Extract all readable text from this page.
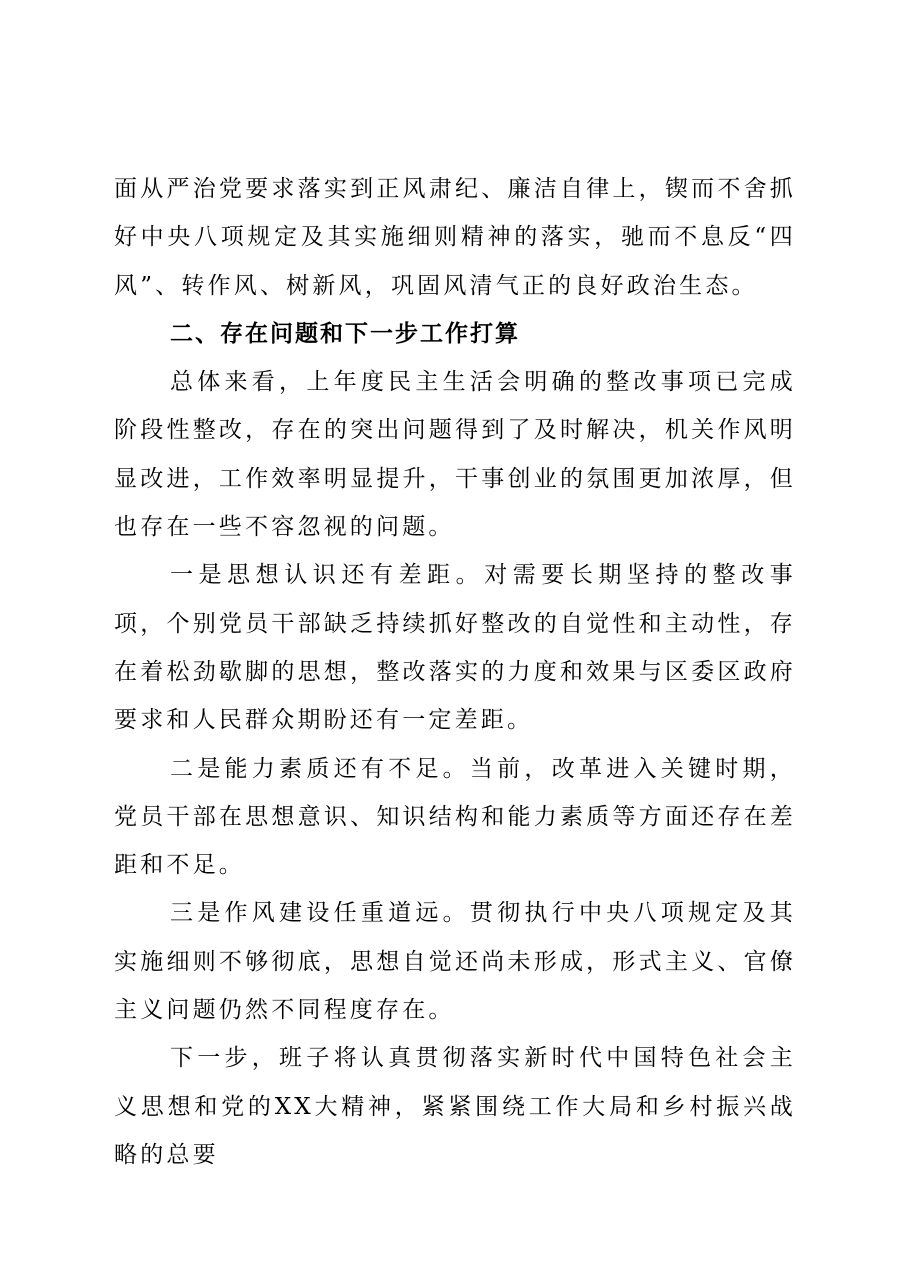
面从严治党要求落实到正风肃纪、廉洁自律上，锲而不舍抓好中央八项规定及其实施细则精神的落实，驰而不息反“四风”、转作风、树新风，巩固风清气正的良好政治生态。

二、存在问题和下一步工作打算

总体来看，上年度民主生活会明确的整改事项已完成阶段性整改，存在的突出问题得到了及时解决，机关作风明显改进，工作效率明显提升，干事创业的氛围更加浓厚，但也存在一些不容忽视的问题。

一是思想认识还有差距。对需要长期坚持的整改事项，个别党员干部缺乏持续抓好整改的自觉性和主动性，存在着松劲歇脚的思想，整改落实的力度和效果与区委区政府要求和人民群众期盼还有一定差距。

二是能力素质还有不足。当前，改革进入关键时期，党员干部在思想意识、知识结构和能力素质等方面还存在差距和不足。

三是作风建设任重道远。贯彻执行中央八项规定及其实施细则不够彻底，思想自觉还尚未形成，形式主义、官僚主义问题仍然不同程度存在。

下一步，班子将认真贯彻落实新时代中国特色社会主义思想和党的XX大精神，紧紧围绕工作大局和乡村振兴战略的总要
